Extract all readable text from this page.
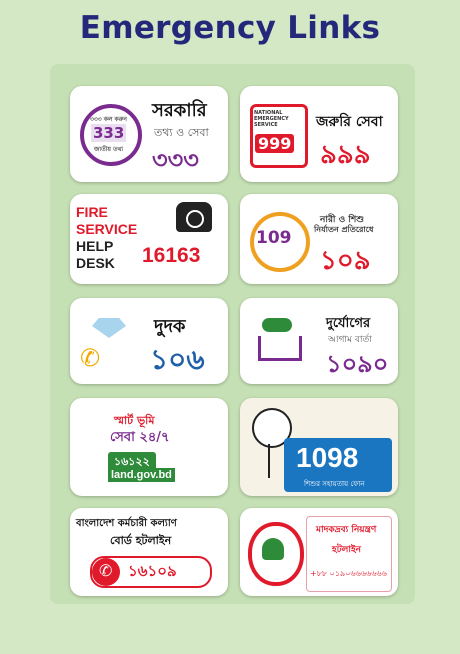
Emergency Links
৩৩৩ কল করুন
333
জাতীয় তথ্য
সরকারি
তথ্য ও সেবা
৩৩৩
NATIONAL EMERGENCY SERVICE
999
জরুরি সেবা
৯৯৯
FIRE
SERVICE
HELP
DESK 16163
109
নারী ও শিশু
নির্যাতন প্রতিরোধে
১০৯
✆
দুদক
১০৬
দুর্যোগের
আগাম বার্তা
১০৯০
স্মার্ট ভূমি
সেবা ২৪/৭
১৬১২২
land.gov.bd
1098
শিশুর সহায়তায় ফোন
বাংলাদেশ কর্মচারী কল্যাণ
বোর্ড হটলাইন
✆ ১৬১০৯
মাদকদ্রব্য নিয়ন্ত্রণ
হটলাইন
+৮৮ ০১৯০৬৬৬৬৬৬৬
